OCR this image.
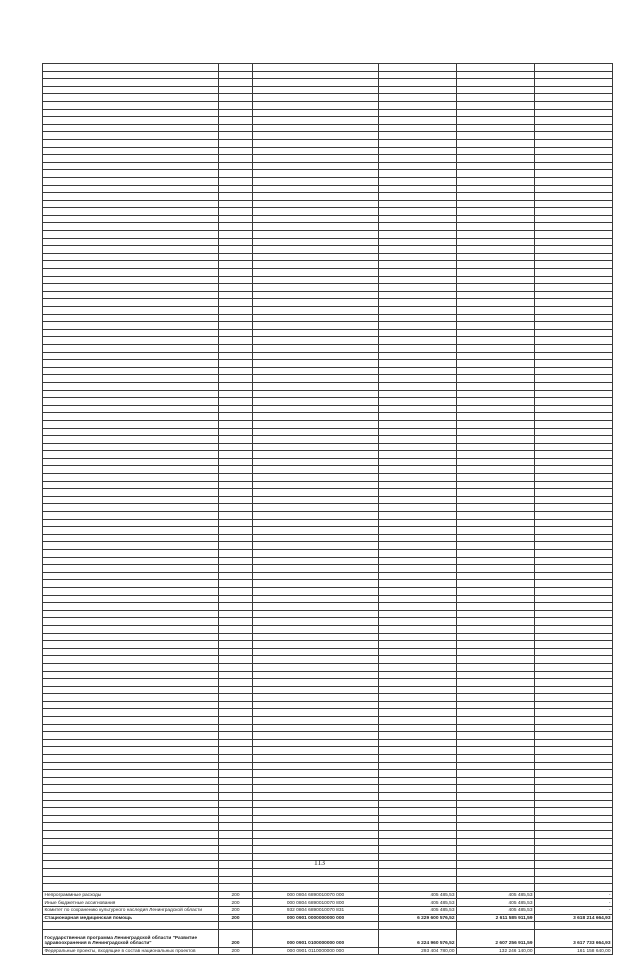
Непрограммные расходы	200	000 0804 6890010070 000	405 485,53	405 485,53	-
Иные бюджетные ассигнования	200	000 0804 6890010070 800	405 485,53	405 485,53	-
Комитет по сохранению культурного наследия Ленинградской области	200	932 0804 6890010070 831	405 485,53	405 485,53	-
Стационарная медицинская помощь	200	000 0901 0000000000 000	6 229 600 576,52	2 611 585 911,59	3 618 214 664,93

Государственная программа Ленинградской области "Развитие здравоохранения в Ленинградской области"	200	000 0901 0100000000 000	6 224 960 576,52	2 607 256 911,59	3 617 733 664,93
Федеральные проекты, входящие в состав национальных проектов	200	000 0901 0110000000 000	293 404 780,00	132 246 140,00	161 158 640,00
113
